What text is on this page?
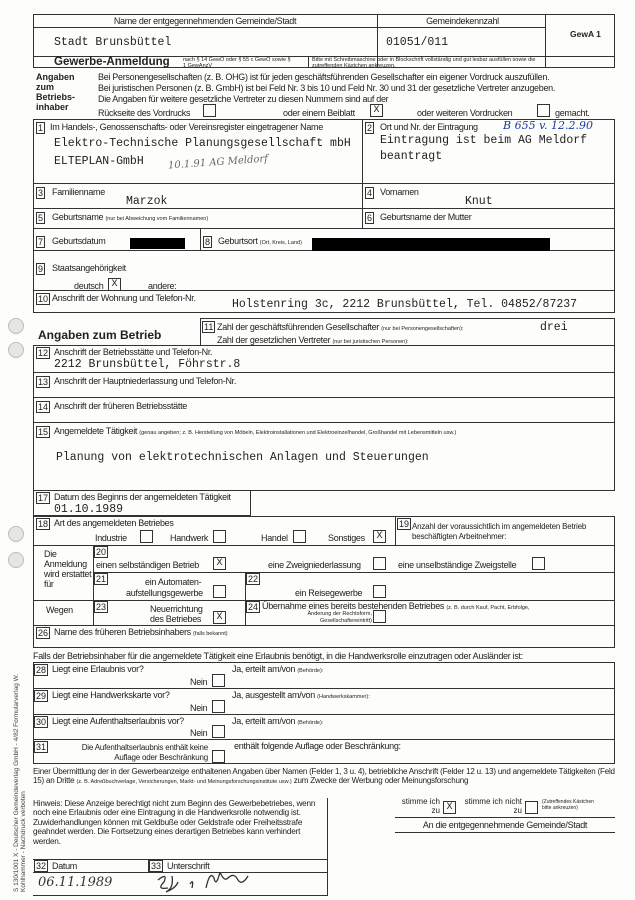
Name der entgegennehmenden Gemeinde/Stadt
Stadt Brunsbüttel
Gemeindekennzahl
01051/011
GewA 1
Gewerbe-Anmeldung nach § 14 GewO oder § 55 c GewO sowie § 1 GewAnzV
Bitte mit Schreibmaschine oder in Blockschrift vollständig und gut lesbar ausfüllen sowie die zutreffenden Kästchen ankreuzen.
Angaben zum Betriebs-inhaber
Bei Personengesellschaften (z. B. OHG) ist für jeden geschäftsführenden Gesellschafter ein eigener Vordruck auszufüllen.
Bei juristischen Personen (z. B. GmbH) ist bei Feld Nr. 3 bis 10 und Feld Nr. 30 und 31 der gesetzliche Vertreter anzugeben.
Die Angaben für weitere gesetzliche Vertreter zu diesen Nummern sind auf der
Rückseite des Vordrucks	oder einem Beiblatt	X	oder weiteren Vordrucken	gemacht.
1 Im Handels-, Genossenschafts- oder Vereinsregister eingetragener Name
Elektro-Technische Planungsgesellschaft mbH
ELTEPLAN-GmbH 10.1.91 AG Meldorf
2 Ort und Nr. der Eintragung B 655 v. 12.2.90
Eintragung ist beim AG Meldorf
beantragt
3 Familienname
Marzok
4 Vornamen
Knut
5 Geburtsname (nur bei Abweichung vom Familiennamen)	6 Geburtsname der Mutter
7 Geburtsdatum	8 Geburtsort (Ort, Kreis, Land)
9 Staatsangehörigkeit
deutsch X	andere:
10 Anschrift der Wohnung und Telefon-Nr.	Holstenring 3c, 2212 Brunsbüttel, Tel. 04852/87237
11 Zahl der geschäftsführenden Gesellschafter (nur bei Personengesellschaften):
Zahl der gesetzlichen Vertreter (nur bei juristischen Personen):
drei
Angaben zum Betrieb
12 Anschrift der Betriebsstätte und Telefon-Nr.
2212 Brunsbüttel, Föhrstr.8
13 Anschrift der Hauptniederlassung und Telefon-Nr.
14 Anschrift der früheren Betriebsstätte
15 Angemeldete Tätigkeit (genau angeben; z. B. Herstellung von Möbeln, Elektroinstallationen und Elektroeinzelhandel, Großhandel mit Lebensmitteln usw.)
Planung von elektrotechnischen Anlagen und Steuerungen
17 Datum des Beginns der angemeldeten Tätigkeit
01.10.1989
18 Art des angemeldeten Betriebes
Industrie	Handwerk	Handel	Sonstiges	X
19 Anzahl der voraussichtlich im angemeldeten Betrieb
beschäftigten Arbeitnehmer:
Die Anmeldung wird erstattet für
20
einen selbständigen Betrieb	X	eine Zweigniederlassung	eine unselbständige Zweigstelle
21	ein Automaten-
aufstellungsgewerbe
22
ein Reisegewerbe
Wegen	23	Neuerrichtung
des Betriebes	X
24 Übernahme eines bereits bestehenden Betriebes (z. B. durch Kauf, Pacht, Erbfolge,
Änderung der Rechtsform,
Gesellschaftereintritt)
26 Name des früheren Betriebsinhabers (falls bekannt)
Falls der Betriebsinhaber für die angemeldete Tätigkeit eine Erlaubnis benötigt, in die Handwerksrolle einzutragen oder Ausländer ist:
28 Liegt eine Erlaubnis vor?
Nein
Ja, erteilt am/von (Behörde):
29 Liegt eine Handwerkskarte vor?
Nein
Ja, ausgestellt am/von (Handwerkskammer):
30 Liegt eine Aufenthaltserlaubnis vor?
Nein
Ja, erteilt am/von (Behörde):
31	Die Aufenthaltserlaubnis enthält keine
Auflage oder Beschränkung
enthält folgende Auflage oder Beschränkung:
Einer Übermittlung der in der Gewerbeanzeige enthaltenen Angaben über Namen (Felder 1, 3 u. 4), betriebliche Anschrift (Felder 12 u. 13) und angemeldete Tätigkeiten (Feld 15) an Dritte (z. B. Adreßbuchverlage, Versicherungen, Markt- und Meinungsforschungsinstitute usw.) zum Zwecke der Werbung oder Meinungsforschung
stimme ich zu X
stimme ich nicht zu
(Zutreffendes Kästchen bitte ankreuzen)
An die entgegennehmende Gemeinde/Stadt
Hinweis: Diese Anzeige berechtigt nicht zum Beginn des Gewerbebetriebes, wenn noch eine Erlaubnis oder eine Eintragung in die Handwerksrolle notwendig ist. Zuwiderhandlungen können mit Geldbuße oder Geldstrafe oder Freiheitsstrafe geahndet werden. Die Fortsetzung eines derartigen Betriebes kann verhindert werden.
32 Datum	33 Unterschrift
06.11.1989
S 130/1001 X - Deutscher Gemeindeverlag GmbH - 4/82 Formularverlag W. Kohlhammer - Nachdruck verboten
